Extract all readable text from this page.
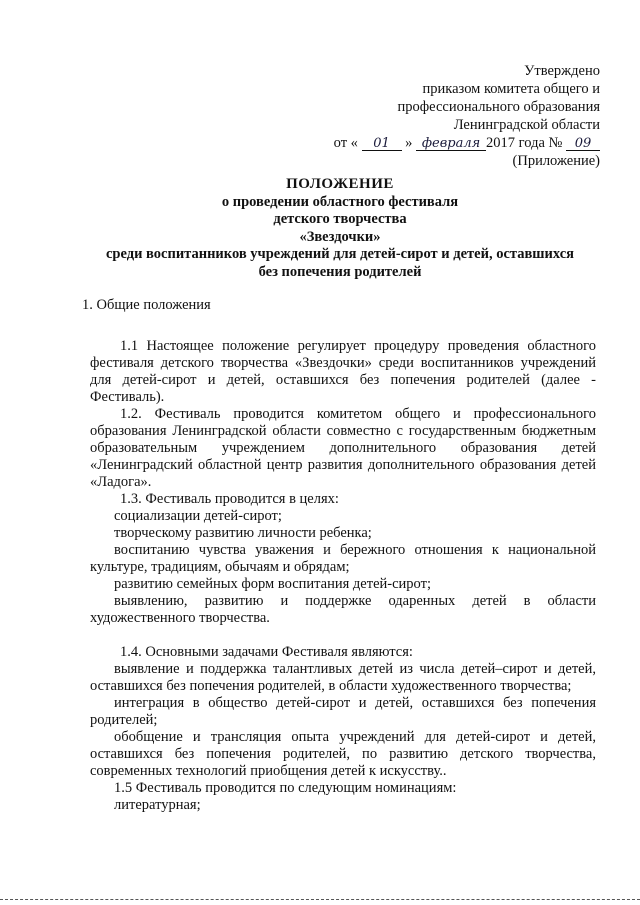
Утверждено
приказом комитета общего и
профессионального образования
Ленинградской области
от « 01 » февраля 2017 года № 09
(Приложение)
ПОЛОЖЕНИЕ
о проведении областного фестиваля
детского творчества
«Звездочки»
среди воспитанников учреждений для детей-сирот и детей, оставшихся
без попечения родителей
1. Общие положения

1.1 Настоящее положение регулирует процедуру проведения областного фестиваля детского творчества «Звездочки» среди воспитанников учреждений для детей-сирот и детей, оставшихся без попечения родителей (далее - Фестиваль).

1.2. Фестиваль проводится комитетом общего и профессионального образования Ленинградской области совместно с государственным бюджетным образовательным учреждением дополнительного образования детей «Ленинградский областной центр развития дополнительного образования детей «Ладога».

1.3. Фестиваль проводится в целях:

социализации детей-сирот;

творческому развитию личности ребенка;

воспитанию чувства уважения и бережного отношения к национальной культуре, традициям, обычаям и обрядам;

развитию семейных форм воспитания детей-сирот;

выявлению, развитию и поддержке одаренных детей в области художественного творчества.

1.4. Основными задачами Фестиваля являются:

выявление и поддержка талантливых детей из числа детей–сирот и детей, оставшихся без попечения родителей, в области художественного творчества;

интеграция в общество детей-сирот и детей, оставшихся без попечения родителей;

обобщение и трансляция опыта учреждений для детей-сирот и детей, оставшихся без попечения родителей, по развитию детского творчества, современных технологий приобщения детей к искусству..

1.5 Фестиваль проводится по следующим номинациям:

литературная;
